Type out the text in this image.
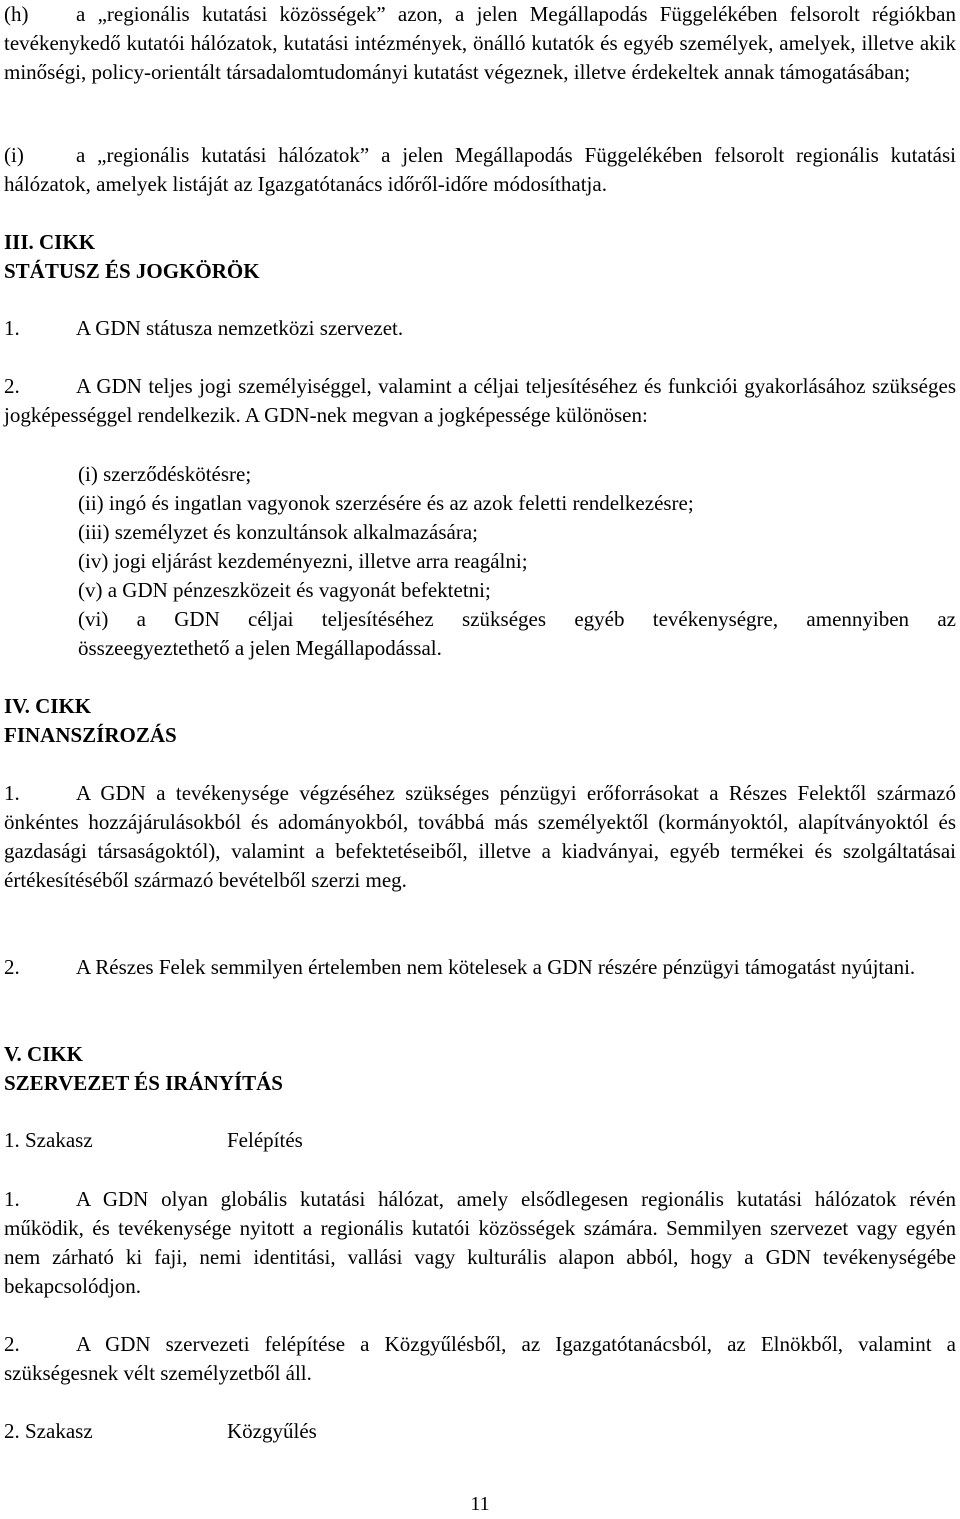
(h) a „regionális kutatási közösségek” azon, a jelen Megállapodás Függelékében felsorolt régiókban tevékenykedő kutatói hálózatok, kutatási intézmények, önálló kutatók és egyéb személyek, amelyek, illetve akik minőségi, policy-orientált társadalomtudományi kutatást végeznek, illetve érdekeltek annak támogatásában;

(i) a „regionális kutatási hálózatok” a jelen Megállapodás Függelékében felsorolt regionális kutatási hálózatok, amelyek listáját az Igazgatótanács időről-időre módosíthatja.

III. CIKK

STÁTUSZ ÉS JOGKÖRÖK

1.	A GDN státusza nemzetközi szervezet.

2.	A GDN teljes jogi személyiséggel, valamint a céljai teljesítéséhez és funkciói gyakorlásához szükséges jogképességgel rendelkezik. A GDN-nek megvan a jogképessége különösen:

(i) szerződéskötésre;

(ii) ingó és ingatlan vagyonok szerzésére és az azok feletti rendelkezésre;

(iii) személyzet és konzultánsok alkalmazására;

(iv) jogi eljárást kezdeményezni, illetve arra reagálni;

(v) a GDN pénzeszközeit és vagyonát befektetni;

(vi) a GDN céljai teljesítéséhez szükséges egyéb tevékenységre, amennyiben az

összeegyeztethető a jelen Megállapodással.

IV. CIKK

FINANSZÍROZÁS

1.	A GDN a tevékenysége végzéséhez szükséges pénzügyi erőforrásokat a Részes Felektől származó önkéntes hozzájárulásokból és adományokból, továbbá más személyektől (kormányoktól, alapítványoktól és gazdasági társaságoktól), valamint a befektetéseiből, illetve a kiadványai, egyéb termékei és szolgáltatásai értékesítéséből származó bevételből szerzi meg.

2.	A Részes Felek semmilyen értelemben nem kötelesek a GDN részére pénzügyi támogatást nyújtani.

V. CIKK

SZERVEZET ÉS IRÁNYÍTÁS

1. Szakasz	Felépítés

1.	A GDN olyan globális kutatási hálózat, amely elsődlegesen regionális kutatási hálózatok révén működik, és tevékenysége nyitott a regionális kutatói közösségek számára. Semmilyen szervezet vagy egyén nem zárható ki faji, nemi identitási, vallási vagy kulturális alapon abból, hogy a GDN tevékenységébe bekapcsolódjon.

2.	A GDN szervezeti felépítése a Közgyűlésből, az Igazgatótanácsból, az Elnökből, valamint a szükségesnek vélt személyzetből áll.

2. Szakasz	Közgyűlés

11
